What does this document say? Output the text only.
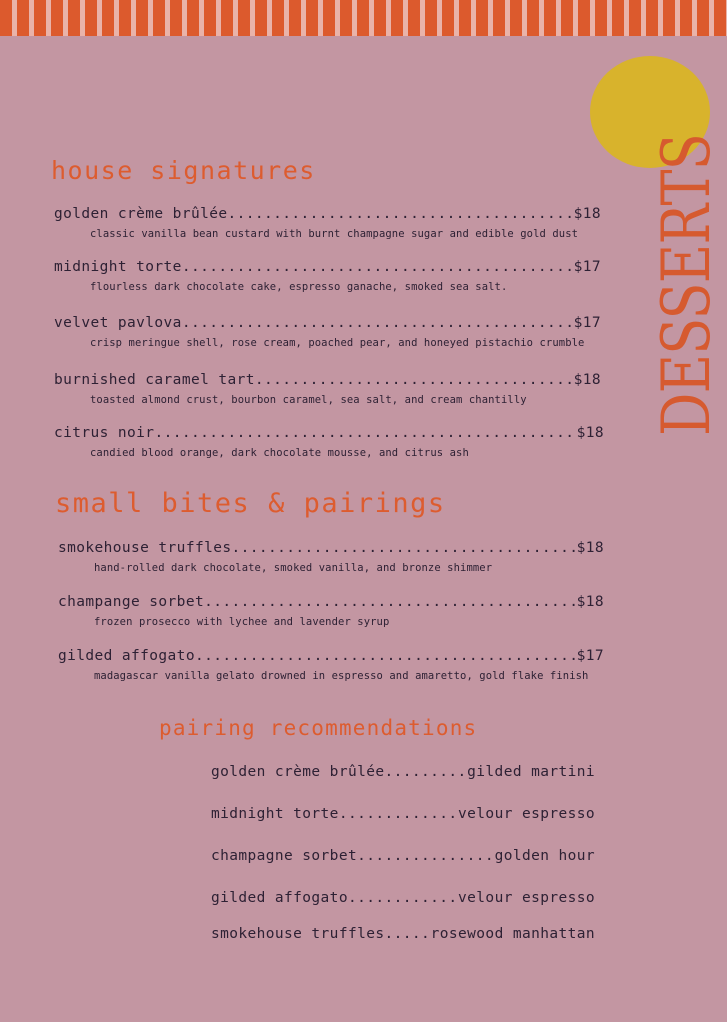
DESSERTS
house signatures
golden crème brûlée .....	$18
classic vanilla bean custard with burnt champagne sugar and edible gold dust
midnight torte .....	$17
flourless dark chocolate cake, espresso ganache, smoked sea salt.
velvet pavlova .....	$17
crisp meringue shell, rose cream, poached pear, and honeyed pistachio crumble
burnished caramel tart .....	$18
toasted almond crust, bourbon caramel, sea salt, and cream chantilly
citrus noir .....	$18
candied blood orange, dark chocolate mousse, and citrus ash
small bites & pairings
smokehouse truffles .....	$18
hand-rolled dark chocolate, smoked vanilla, and bronze shimmer
champange sorbet .....	$18
frozen prosecco with lychee and lavender syrup
gilded affogato .....	$17
madagascar vanilla gelato drowned in espresso and amaretto, gold flake finish
pairing recommendations
golden crème brûlée .....	gilded martini
midnight torte .....	velour espresso
champagne sorbet .....	golden hour
gilded affogato .....	velour espresso
smokehouse truffles .....	rosewood manhattan
